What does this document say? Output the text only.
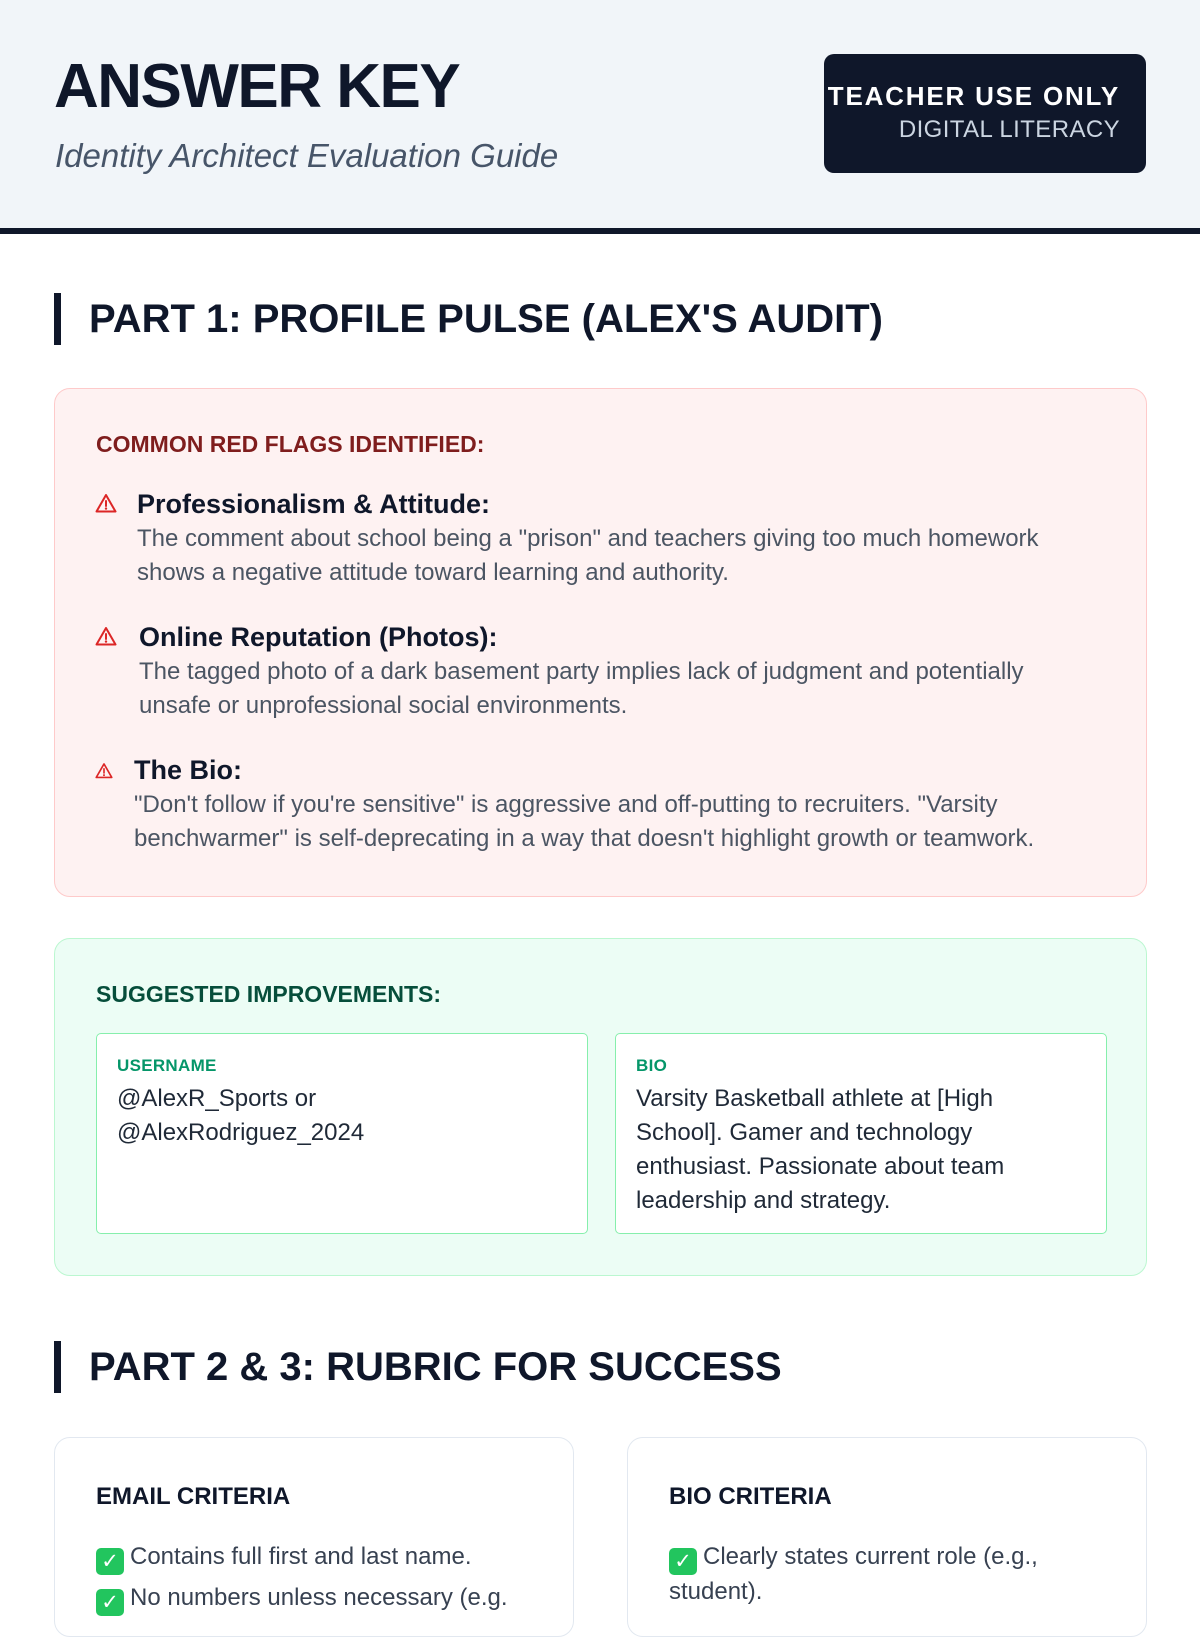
ANSWER KEY
Identity Architect Evaluation Guide
TEACHER USE ONLY
DIGITAL LITERACY
PART 1: PROFILE PULSE (ALEX'S AUDIT)
COMMON RED FLAGS IDENTIFIED:
Professionalism & Attitude:
The comment about school being a "prison" and teachers giving too much homework shows a negative attitude toward learning and authority.
Online Reputation (Photos):
The tagged photo of a dark basement party implies lack of judgment and potentially unsafe or unprofessional social environments.
The Bio:
"Don't follow if you're sensitive" is aggressive and off-putting to recruiters. "Varsity benchwarmer" is self-deprecating in a way that doesn't highlight growth or teamwork.
SUGGESTED IMPROVEMENTS:
USERNAME
@AlexR_Sports or @AlexRodriguez_2024
BIO
Varsity Basketball athlete at [High School]. Gamer and technology enthusiast. Passionate about team leadership and strategy.
PART 2 & 3: RUBRIC FOR SUCCESS
EMAIL CRITERIA
✓ Contains full first and last name.
✓ No numbers unless necessary (e.g.
BIO CRITERIA
✓ Clearly states current role (e.g., student).
